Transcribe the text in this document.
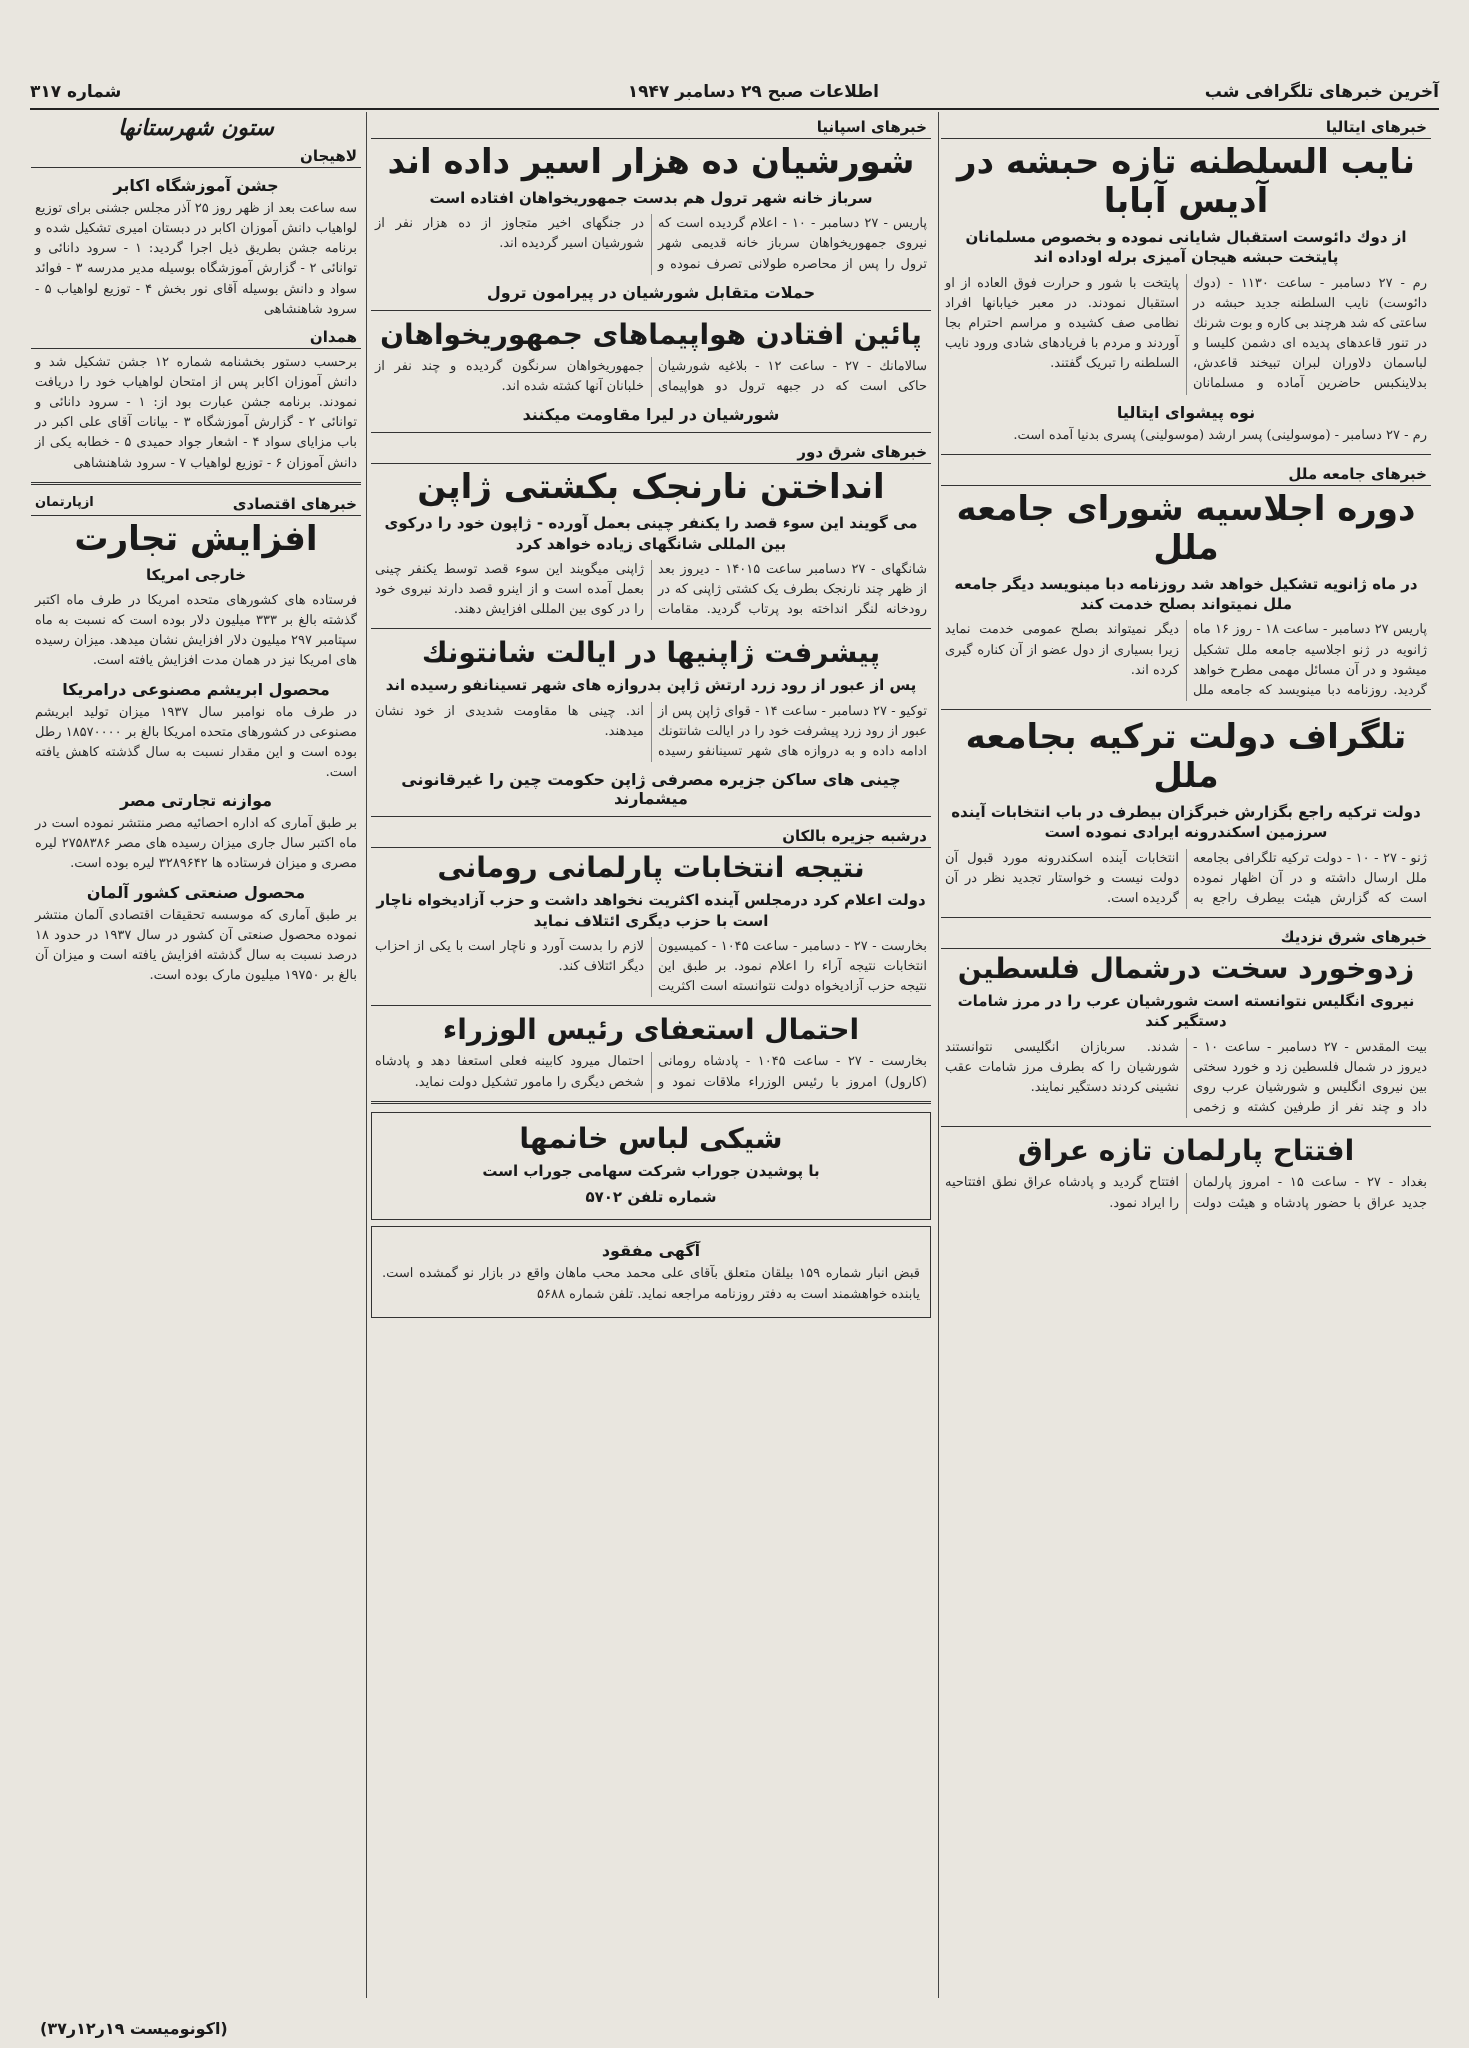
آخرين خبرهای تلگرافی شب
اطلاعات صبح ۲۹ دسامبر ۱۹۴۷
شماره ۳۱۷
خبرهای ایتالیا
نایب السلطنه تازه حبشه در آدیس آبابا
از دوك دائوست استقبال شایانی نموده و بخصوص مسلمانان پایتخت حبشه هیجان آمیزی برله اوداده اند
رم - ۲۷ دسامبر - ساعت ۱۱۳۰ - (دوك دائوست) نایب السلطنه جدید حبشه در ساعتی که شد هرچند بی کاره و بوت شرنك در تنور قاعدهای پدیده ای دشمن کلیسا و لباسمان دلاوران لبران تبیخند قاعدش، بدلاینکبس حاضرین آماده و مسلمانان پایتخت با شور و حرارت فوق العاده از او استقبال نمودند. در معبر خیابانها افراد نظامی صف کشیده و مراسم احترام بجا آوردند و مردم با فریادهای شادی ورود نایب السلطنه را تبریک گفتند.
نوه پیشوای ایتالیا
رم - ۲۷ دسامبر - (موسولینی) پسر ارشد (موسولینی) پسری بدنیا آمده است.
خبرهای جامعه ملل
دوره اجلاسیه شورای جامعه ملل
در ماه ژانویه تشکیل خواهد شد روزنامه دبا مینویسد دیگر جامعه ملل نمیتواند بصلح خدمت کند
پاریس ۲۷ دسامبر - ساعت ۱۸ - روز ۱۶ ماه ژانویه در ژنو اجلاسیه جامعه ملل تشکیل میشود و در آن مسائل مهمی مطرح خواهد گردید. روزنامه دبا مینویسد که جامعه ملل دیگر نمیتواند بصلح عمومی خدمت نماید زیرا بسیاری از دول عضو از آن کناره گیری کرده اند.
تلگراف دولت ترکیه بجامعه ملل
دولت ترکیه راجع بگزارش خبرگزان بیطرف در باب انتخابات آینده سرزمین اسکندرونه ایرادی نموده است
ژنو - ۲۷ - ۱۰ - دولت ترکیه تلگرافی بجامعه ملل ارسال داشته و در آن اظهار نموده است که گزارش هیئت بیطرف راجع به انتخابات آینده اسکندرونه مورد قبول آن دولت نیست و خواستار تجدید نظر در آن گردیده است.
خبرهای شرق نزدیك
زدوخورد سخت درشمال فلسطین
نیروی انگلیس نتوانسته است شورشیان عرب را در مرز شامات دستگیر کند
بیت المقدس - ۲۷ دسامبر - ساعت ۱۰ - دیروز در شمال فلسطین زد و خورد سختی بین نیروی انگلیس و شورشیان عرب روی داد و چند نفر از طرفین کشته و زخمی شدند. سربازان انگلیسی نتوانستند شورشیان را که بطرف مرز شامات عقب نشینی کردند دستگیر نمایند.
افتتاح پارلمان تازه عراق
بغداد - ۲۷ - ساعت ۱۵ - امروز پارلمان جدید عراق با حضور پادشاه و هیئت دولت افتتاح گردید و پادشاه عراق نطق افتتاحیه را ایراد نمود.
خبرهای اسپانیا
شورشیان ده هزار اسیر داده اند
سرباز خانه شهر ترول هم بدست جمهوریخواهان افتاده است
پاریس - ۲۷ دسامبر - ۱۰ - اعلام گردیده است که نیروی جمهوریخواهان سرباز خانه قدیمی شهر ترول را پس از محاصره طولانی تصرف نموده و در جنگهای اخیر متجاوز از ده هزار نفر از شورشیان اسیر گردیده اند.
حملات متقابل شورشیان در پیرامون ترول
پائین افتادن هواپیماهای جمهوریخواهان
سالامانك - ۲۷ - ساعت ۱۲ - بلاغیه شورشیان حاکی است که در جبهه ترول دو هواپیمای جمهوریخواهان سرنگون گردیده و چند نفر از خلبانان آنها کشته شده اند.
شورشیان در لیرا مقاومت میکنند
خبرهای شرق دور
انداختن نارنجک بکشتی ژاپن
می گویند این سوء قصد را یکنفر چینی بعمل آورده - ژاپون خود را درکوی بین المللی شانگهای زیاده خواهد کرد
شانگهای - ۲۷ دسامبر ساعت ۱۴۰۱۵ - دیروز بعد از ظهر چند نارنجک بطرف یک کشتی ژاپنی که در رودخانه لنگر انداخته بود پرتاب گردید. مقامات ژاپنی میگویند این سوء قصد توسط یکنفر چینی بعمل آمده است و از اینرو قصد دارند نیروی خود را در کوی بین المللی افزایش دهند.
پیشرفت ژاپنیها در ایالت شانتونك
پس از عبور از رود زرد ارتش ژاپن بدروازه های شهر تسینانفو رسیده اند
توکیو - ۲۷ دسامبر - ساعت ۱۴ - قوای ژاپن پس از عبور از رود زرد پیشرفت خود را در ایالت شانتونك ادامه داده و به دروازه های شهر تسینانفو رسیده اند. چینی ها مقاومت شدیدی از خود نشان میدهند.
چینی های ساکن جزیره مصرفی ژاپن حکومت چین را غیرقانونی میشمارند
درشبه جزیره بالکان
نتیجه انتخابات پارلمانی رومانی
دولت اعلام کرد درمجلس آینده اکثریت نخواهد داشت و حزب آزادیخواه ناچار است با حزب دیگری ائتلاف نماید
بخارست - ۲۷ - دسامبر - ساعت ۱۰۴۵ - کمیسیون انتخابات نتیجه آراء را اعلام نمود. بر طبق این نتیجه حزب آزادیخواه دولت نتوانسته است اکثریت لازم را بدست آورد و ناچار است با یکی از احزاب دیگر ائتلاف کند.
احتمال استعفای رئیس الوزراء
بخارست - ۲۷ - ساعت ۱۰۴۵ - پادشاه رومانی (کارول) امروز با رئیس الوزراء ملاقات نمود و احتمال میرود کابینه فعلی استعفا دهد و پادشاه شخص دیگری را مامور تشکیل دولت نماید.
شیکی لباس خانمها
با پوشیدن جوراب شرکت سهامی جوراب است
شماره تلفن ۵۷۰۲
آگهی مفقود
قبض انبار شماره ۱۵۹ بیلقان متعلق بآقای علی محمد محب ماهان واقع در بازار نو گمشده است. یابنده خواهشمند است به دفتر روزنامه مراجعه نماید. تلفن شماره ۵۶۸۸
ستون شهرستانها
لاهیجان
جشن آموزشگاه اکابر
سه ساعت بعد از ظهر روز ۲۵ آذر مجلس جشنی برای توزیع لواهیاب دانش آموزان اکابر در دبستان امیری تشکیل شده و برنامه جشن بطریق ذیل اجرا گردید: ۱ - سرود دانائی و توانائی ۲ - گزارش آموزشگاه بوسیله مدیر مدرسه ۳ - فوائد سواد و دانش بوسیله آقای نور بخش ۴ - توزیع لواهیاب ۵ - سرود شاهنشاهی
همدان
برحسب دستور بخشنامه شماره ۱۲ جشن تشکیل شد و دانش آموزان اکابر پس از امتحان لواهیاب خود را دریافت نمودند. برنامه جشن عبارت بود از: ۱ - سرود دانائی و توانائی ۲ - گزارش آموزشگاه ۳ - بیانات آقای علی اکبر در باب مزایای سواد ۴ - اشعار جواد حمیدی ۵ - خطابه یکی از دانش آموزان ۶ - توزیع لواهیاب ۷ - سرود شاهنشاهی
خبرهای اقتصادی
ازپارتمان
افزایش تجارت
خارجی امریکا
فرستاده های کشورهای متحده امریکا در طرف ماه اکتبر گذشته بالغ بر ۳۳۳ میلیون دلار بوده است که نسبت به ماه سپتامبر ۲۹۷ میلیون دلار افزایش نشان میدهد. میزان رسیده های امریکا نیز در همان مدت افزایش یافته است.
محصول ابریشم مصنوعی درامریکا
در طرف ماه نوامبر سال ۱۹۳۷ میزان تولید ابریشم مصنوعی در کشورهای متحده امریکا بالغ بر ۱۸۵۷۰۰۰۰ رطل بوده است و این مقدار نسبت به سال گذشته کاهش یافته است.
موازنه تجارتی مصر
بر طبق آماری که اداره احصائیه مصر منتشر نموده است در ماه اکتبر سال جاری میزان رسیده های مصر ۲۷۵۸۳۸۶ لیره مصری و میزان فرستاده ها ۳۲۸۹۶۴۲ لیره بوده است.
محصول صنعتی کشور آلمان
بر طبق آماری که موسسه تحقیقات اقتصادی آلمان منتشر نموده محصول صنعتی آن کشور در سال ۱۹۳۷ در حدود ۱۸ درصد نسبت به سال گذشته افزایش یافته است و میزان آن بالغ بر ۱۹۷۵۰ میلیون مارک بوده است.
(اکونومیست ۱۹ر۱۲ر۳۷)
